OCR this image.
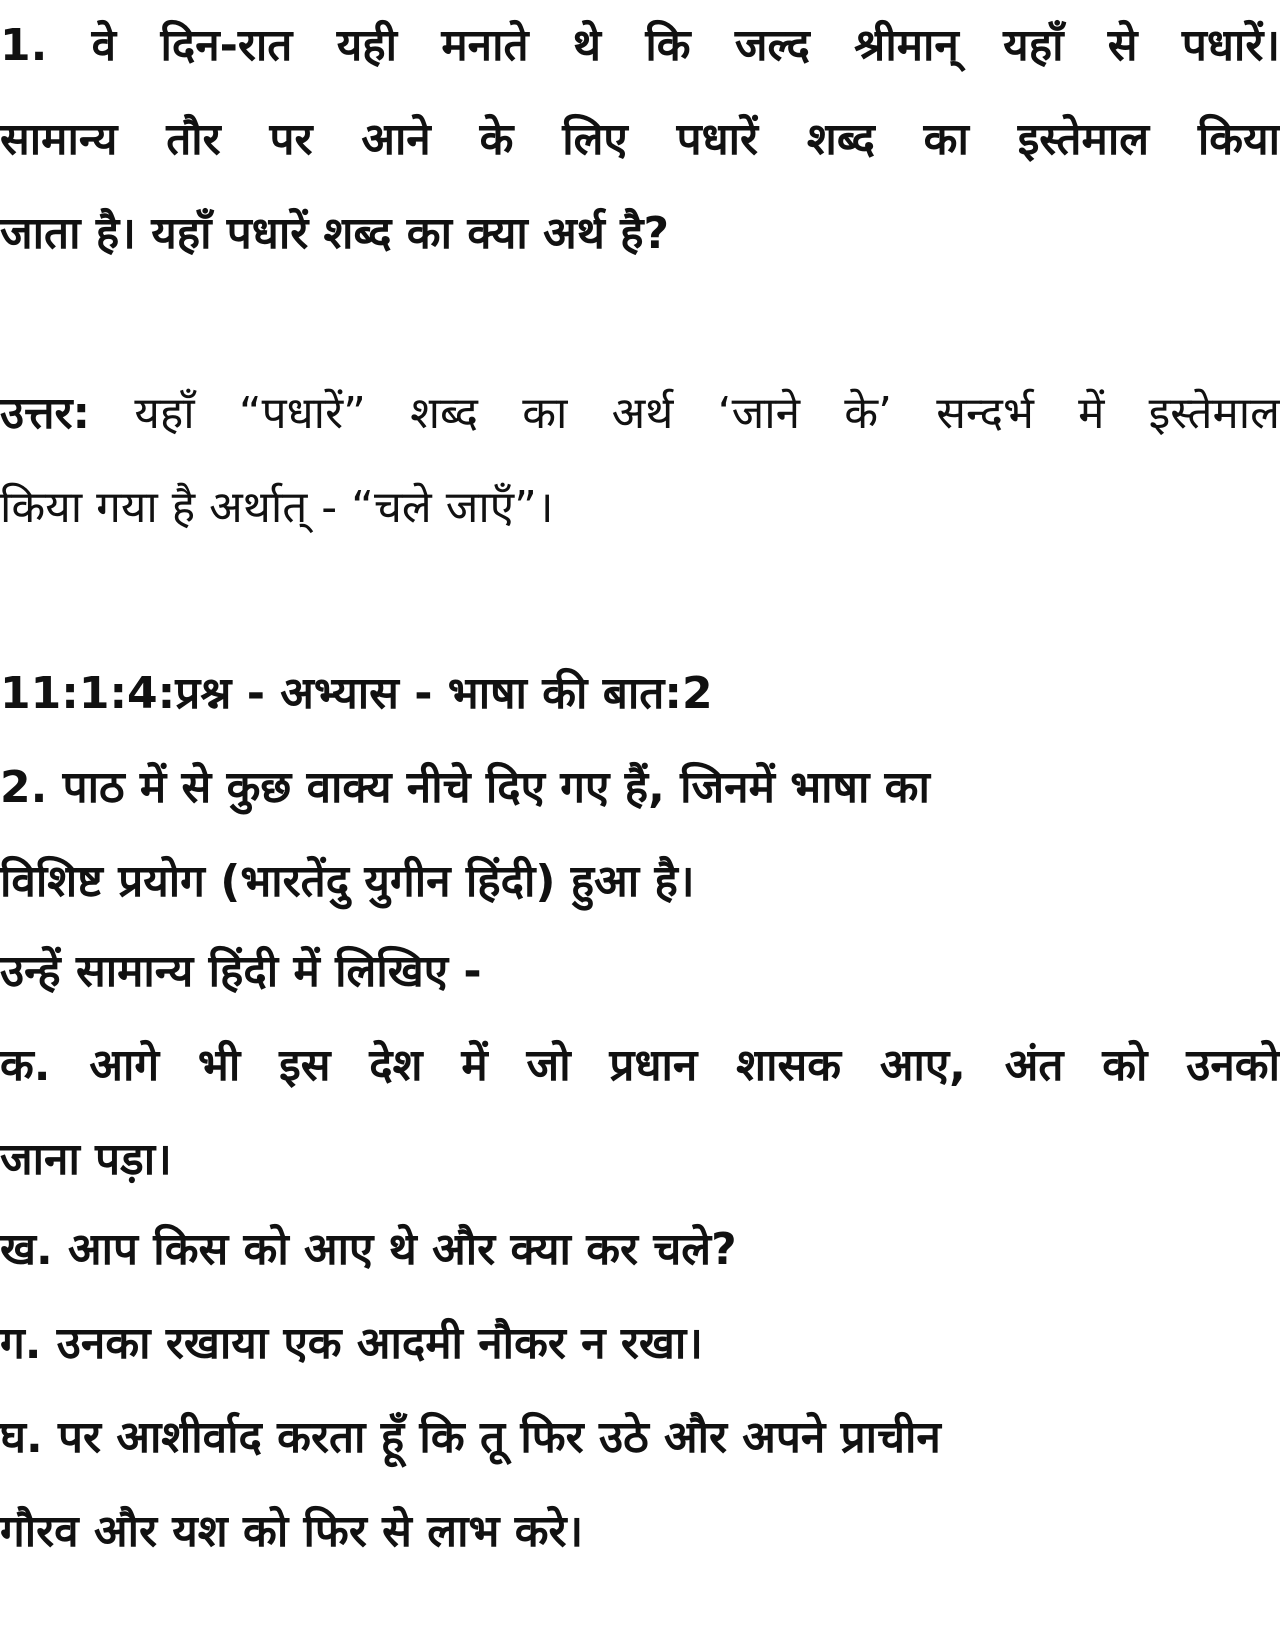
1. वे दिन-रात यही मनाते थे कि जल्द श्रीमान् यहाँ से पधारें।
सामान्य तौर पर आने के लिए पधारें शब्द का इस्तेमाल किया
जाता है। यहाँ पधारें शब्द का क्या अर्थ है?
उत्तर: यहाँ “पधारें” शब्द का अर्थ ‘जाने के’ सन्दर्भ में इस्तेमाल
किया गया है अर्थात् - “चले जाएँ”।
11:1:4:प्रश्न - अभ्यास - भाषा की बात:2
2. पाठ में से कुछ वाक्य नीचे दिए गए हैं, जिनमें भाषा का
विशिष्ट प्रयोग (भारतेंदु युगीन हिंदी) हुआ है।
उन्हें सामान्य हिंदी में लिखिए -
क. आगे भी इस देश में जो प्रधान शासक आए, अंत को उनको
जाना पड़ा।
ख. आप किस को आए थे और क्या कर चले?
ग. उनका रखाया एक आदमी नौकर न रखा।
घ. पर आशीर्वाद करता हूँ कि तू फिर उठे और अपने प्राचीन
गौरव और यश को फिर से लाभ करे।
